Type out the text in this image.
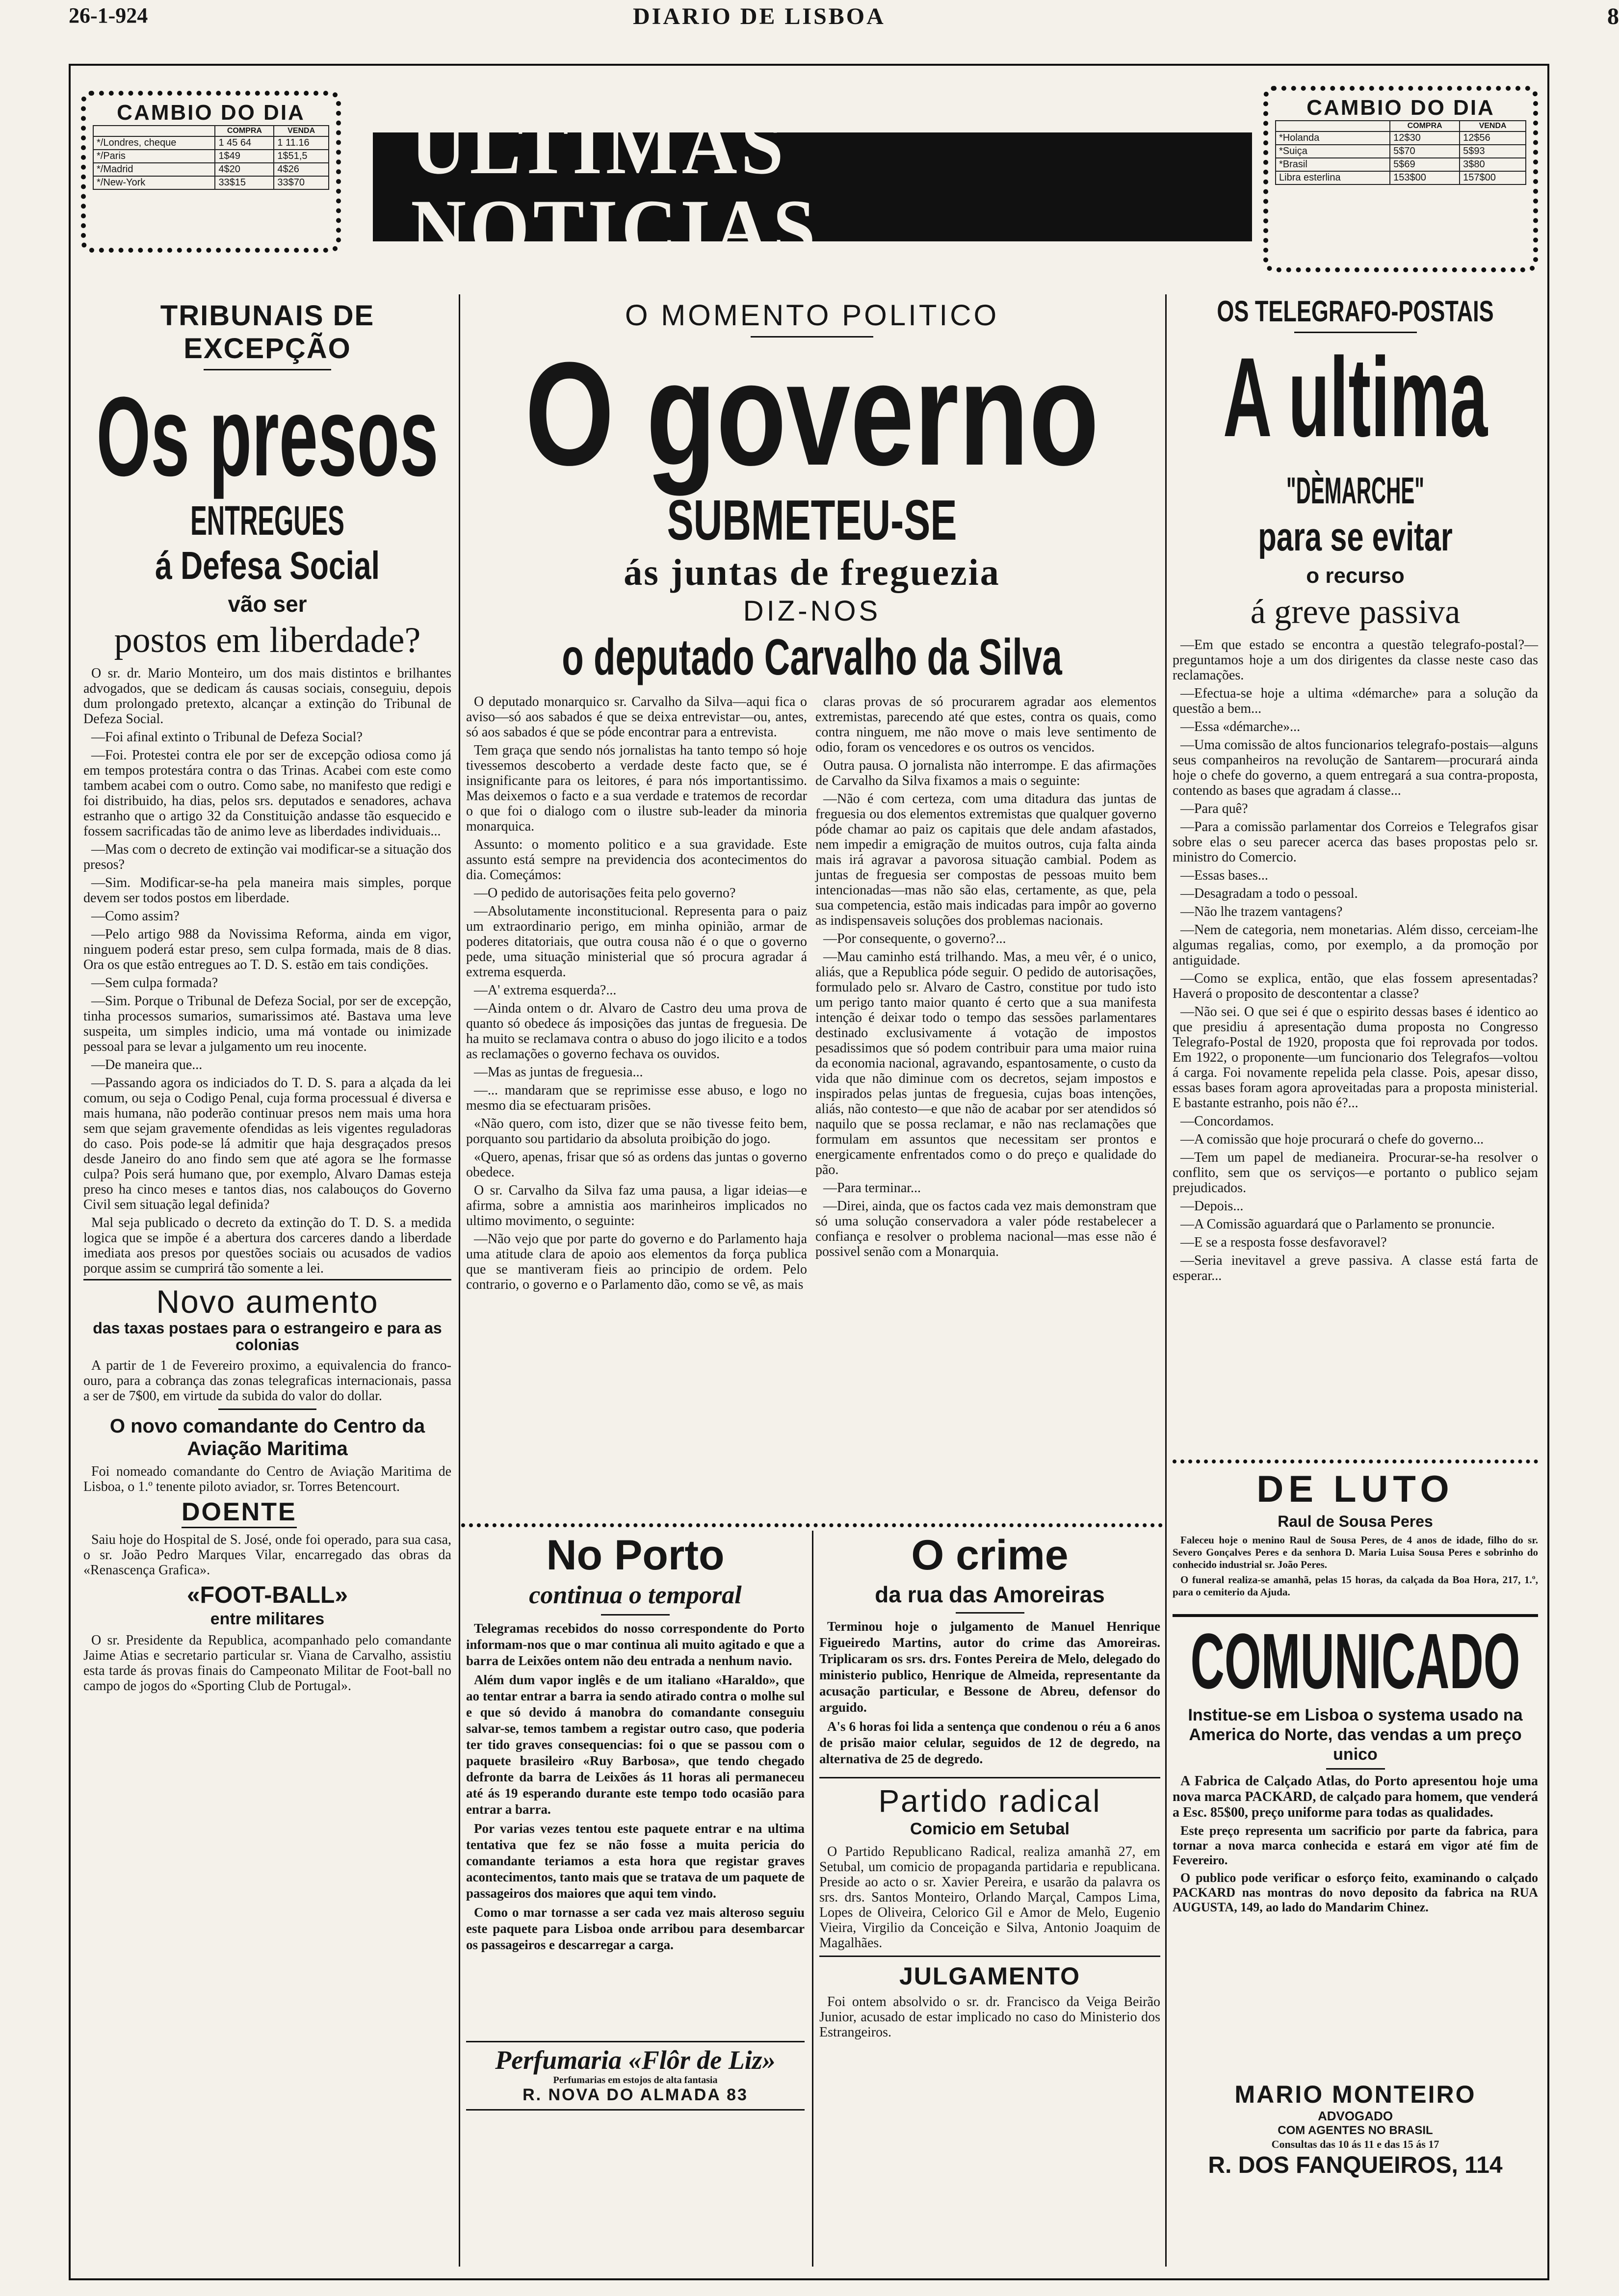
26-1-924	DIARIO DE LISBOA	8
CAMBIO DO DIA
	COMPRA	VENDA
*/Londres, cheque	1 45 64	1 11.16
*/Paris	1$49	1$51,5
*/Madrid	4$20	4$26
*/New-York	33$15	33$70 ULTIMAS NOTICIAS
CAMBIO DO DIA
	COMPRA	VENDA
*Holanda	12$30	12$56
*Suiça	5$70	5$93
*Brasil	5$69	3$80
Libra esterlina	153$00	157$00
TRIBUNAIS DE EXCEPÇÃO
Os presos
ENTREGUES
á Defesa Social
vão ser
postos em liberdade?

O sr. dr. Mario Monteiro, um dos mais distintos e brilhantes advogados, que se dedicam ás causas sociais, conseguiu, depois dum prolongado pretexto, alcançar a extinção do Tribunal de Defeza Social.

—Foi afinal extinto o Tribunal de Defeza Social?

—Foi. Protestei contra ele por ser de excepção odiosa como já em tempos protestára contra o das Trinas. Acabei com este como tambem acabei com o outro. Como sabe, no manifesto que redigi e foi distribuido, ha dias, pelos srs. deputados e senadores, achava estranho que o artigo 32 da Constituição andasse tão esquecido e fossem sacrificadas tão de animo leve as liberdades individuais...

—Mas com o decreto de extinção vai modificar-se a situação dos presos?

—Sim. Modificar-se-ha pela maneira mais simples, porque devem ser todos postos em liberdade.

—Como assim?

—Pelo artigo 988 da Novissima Reforma, ainda em vigor, ninguem poderá estar preso, sem culpa formada, mais de 8 dias. Ora os que estão entregues ao T. D. S. estão em tais condições.

—Sem culpa formada?

—Sim. Porque o Tribunal de Defeza Social, por ser de excepção, tinha processos sumarios, sumarissimos até. Bastava uma leve suspeita, um simples indicio, uma má vontade ou inimizade pessoal para se levar a julgamento um reu inocente.

—De maneira que...

—Passando agora os indiciados do T. D. S. para a alçada da lei comum, ou seja o Codigo Penal, cuja forma processual é diversa e mais humana, não poderão continuar presos nem mais uma hora sem que sejam gravemente ofendidas as leis vigentes reguladoras do caso. Pois pode-se lá admitir que haja desgraçados presos desde Janeiro do ano findo sem que até agora se lhe formasse culpa? Pois será humano que, por exemplo, Alvaro Damas esteja preso ha cinco meses e tantos dias, nos calabouços do Governo Civil sem situação legal definida?

Mal seja publicado o decreto da extinção do T. D. S. a medida logica que se impõe é a abertura dos carceres dando a liberdade imediata aos presos por questões sociais ou acusados de vadios porque assim se cumprirá tão somente a lei.

Novo aumento
das taxas postaes para o estrangeiro e para as colonias

A partir de 1 de Fevereiro proximo, a equivalencia do franco-ouro, para a cobrança das zonas telegraficas internacionais, passa a ser de 7$00, em virtude da subida do valor do dollar.

O novo comandante do Centro da Aviação Maritima

Foi nomeado comandante do Centro de Aviação Maritima de Lisboa, o 1.º tenente piloto aviador, sr. Torres Betencourt.

DOENTE

Saiu hoje do Hospital de S. José, onde foi operado, para sua casa, o sr. João Pedro Marques Vilar, encarregado das obras da «Renascença Grafica».

«FOOT-BALL»
entre militares

O sr. Presidente da Republica, acompanhado pelo comandante Jaime Atias e secretario particular sr. Viana de Carvalho, assistiu esta tarde ás provas finais do Campeonato Militar de Foot-ball no campo de jogos do «Sporting Club de Portugal».

O MOMENTO POLITICO
O governo
SUBMETEU-SE
ás juntas de freguezia
DIZ-NOS
o deputado Carvalho da Silva

O deputado monarquico sr. Carvalho da Silva—aqui fica o aviso—só aos sabados é que se deixa entrevistar—ou, antes, só aos sabados é que se póde encontrar para a entrevista.

Tem graça que sendo nós jornalistas ha tanto tempo só hoje tivessemos descoberto a verdade deste facto que, se é insignificante para os leitores, é para nós importantissimo. Mas deixemos o facto e a sua verdade e tratemos de recordar o que foi o dialogo com o ilustre sub-leader da minoria monarquica.

Assunto: o momento politico e a sua gravidade. Este assunto está sempre na previdencia dos acontecimentos do dia. Começámos:

—O pedido de autorisações feita pelo governo?

—Absolutamente inconstitucional. Representa para o paiz um extraordinario perigo, em minha opinião, armar de poderes ditatoriais, que outra cousa não é o que o governo pede, uma situação ministerial que só procura agradar á extrema esquerda.

—A' extrema esquerda?...

—Ainda ontem o dr. Alvaro de Castro deu uma prova de quanto só obedece ás imposições das juntas de freguesia. De ha muito se reclamava contra o abuso do jogo ilicito e a todos as reclamações o governo fechava os ouvidos.

—Mas as juntas de freguesia...

—... mandaram que se reprimisse esse abuso, e logo no mesmo dia se efectuaram prisões.

«Não quero, com isto, dizer que se não tivesse feito bem, porquanto sou partidario da absoluta proibição do jogo.

«Quero, apenas, frisar que só as ordens das juntas o governo obedece.

O sr. Carvalho da Silva faz uma pausa, a ligar ideias—e afirma, sobre a amnistia aos marinheiros implicados no ultimo movimento, o seguinte:

—Não vejo que por parte do governo e do Parlamento haja uma atitude clara de apoio aos elementos da força publica que se mantiveram fieis ao principio de ordem. Pelo contrario, o governo e o Parlamento dão, como se vê, as mais

claras provas de só procurarem agradar aos elementos extremistas, parecendo até que estes, contra os quais, como contra ninguem, me não move o mais leve sentimento de odio, foram os vencedores e os outros os vencidos.

Outra pausa. O jornalista não interrompe. E das afirmações de Carvalho da Silva fixamos a mais o seguinte:

—Não é com certeza, com uma ditadura das juntas de freguesia ou dos elementos extremistas que qualquer governo póde chamar ao paiz os capitais que dele andam afastados, nem impedir a emigração de muitos outros, cuja falta ainda mais irá agravar a pavorosa situação cambial. Podem as juntas de freguesia ser compostas de pessoas muito bem intencionadas—mas não são elas, certamente, as que, pela sua competencia, estão mais indicadas para impôr ao governo as indispensaveis soluções dos problemas nacionais.

—Por consequente, o governo?...

—Mau caminho está trilhando. Mas, a meu vêr, é o unico, aliás, que a Republica póde seguir. O pedido de autorisações, formulado pelo sr. Alvaro de Castro, constitue por tudo isto um perigo tanto maior quanto é certo que a sua manifesta intenção é deixar todo o tempo das sessões parlamentares destinado exclusivamente á votação de impostos pesadissimos que só podem contribuir para uma maior ruina da economia nacional, agravando, espantosamente, o custo da vida que não diminue com os decretos, sejam impostos e inspirados pelas juntas de freguesia, cujas boas intenções, aliás, não contesto—e que não de acabar por ser atendidos só naquilo que se possa reclamar, e não nas reclamações que formulam em assuntos que necessitam ser prontos e energicamente enfrentados como o do preço e qualidade do pão.

—Para terminar...

—Direi, ainda, que os factos cada vez mais demonstram que só uma solução conservadora a valer póde restabelecer a confiança e resolver o problema nacional—mas esse não é possivel senão com a Monarquia.

No Porto
continua o temporal

Telegramas recebidos do nosso correspondente do Porto informam-nos que o mar continua ali muito agitado e que a barra de Leixões ontem não deu entrada a nenhum navio.

Além dum vapor inglês e de um italiano «Haraldo», que ao tentar entrar a barra ia sendo atirado contra o molhe sul e que só devido á manobra do comandante conseguiu salvar-se, temos tambem a registar outro caso, que poderia ter tido graves consequencias: foi o que se passou com o paquete brasileiro «Ruy Barbosa», que tendo chegado defronte da barra de Leixões ás 11 horas ali permaneceu até ás 19 esperando durante este tempo todo ocasião para entrar a barra.

Por varias vezes tentou este paquete entrar e na ultima tentativa que fez se não fosse a muita pericia do comandante teriamos a esta hora que registar graves acontecimentos, tanto mais que se tratava de um paquete de passageiros dos maiores que aqui tem vindo.

Como o mar tornasse a ser cada vez mais alteroso seguiu este paquete para Lisboa onde arribou para desembarcar os passageiros e descarregar a carga.

Perfumaria «Flôr de Liz»
Perfumarias em estojos de alta fantasia
R. NOVA DO ALMADA 83
O crime
da rua das Amoreiras

Terminou hoje o julgamento de Manuel Henrique Figueiredo Martins, autor do crime das Amoreiras. Triplicaram os srs. drs. Fontes Pereira de Melo, delegado do ministerio publico, Henrique de Almeida, representante da acusação particular, e Bessone de Abreu, defensor do arguido.

A's 6 horas foi lida a sentença que condenou o réu a 6 anos de prisão maior celular, seguidos de 12 de degredo, na alternativa de 25 de degredo.

Partido radical
Comicio em Setubal

O Partido Republicano Radical, realiza amanhã 27, em Setubal, um comicio de propaganda partidaria e republicana. Preside ao acto o sr. Xavier Pereira, e usarão da palavra os srs. drs. Santos Monteiro, Orlando Marçal, Campos Lima, Lopes de Oliveira, Celorico Gil e Amor de Melo, Eugenio Vieira, Virgilio da Conceição e Silva, Antonio Joaquim de Magalhães.

JULGAMENTO

Foi ontem absolvido o sr. dr. Francisco da Veiga Beirão Junior, acusado de estar implicado no caso do Ministerio dos Estrangeiros.

OS TELEGRAFO-POSTAIS
A ultima
"DÈMARCHE"
para se evitar
o recurso
á greve passiva

—Em que estado se encontra a questão telegrafo-postal?—preguntamos hoje a um dos dirigentes da classe neste caso das reclamações.

—Efectua-se hoje a ultima «démarche» para a solução da questão a bem...

—Essa «démarche»...

—Uma comissão de altos funcionarios telegrafo-postais—alguns seus companheiros na revolução de Santarem—procurará ainda hoje o chefe do governo, a quem entregará a sua contra-proposta, contendo as bases que agradam á classe...

—Para quê?

—Para a comissão parlamentar dos Correios e Telegrafos gisar sobre elas o seu parecer acerca das bases propostas pelo sr. ministro do Comercio.

—Essas bases...

—Desagradam a todo o pessoal.

—Não lhe trazem vantagens?

—Nem de categoria, nem monetarias. Além disso, cerceiam-lhe algumas regalias, como, por exemplo, a da promoção por antiguidade.

—Como se explica, então, que elas fossem apresentadas? Haverá o proposito de descontentar a classe?

—Não sei. O que sei é que o espirito dessas bases é identico ao que presidiu á apresentação duma proposta no Congresso Telegrafo-Postal de 1920, proposta que foi reprovada por todos. Em 1922, o proponente—um funcionario dos Telegrafos—voltou á carga. Foi novamente repelida pela classe. Pois, apesar disso, essas bases foram agora aproveitadas para a proposta ministerial. E bastante estranho, pois não é?...

—Concordamos.

—A comissão que hoje procurará o chefe do governo...

—Tem um papel de medianeira. Procurar-se-ha resolver o conflito, sem que os serviços—e portanto o publico sejam prejudicados.

—Depois...

—A Comissão aguardará que o Parlamento se pronuncie.

—E se a resposta fosse desfavoravel?

—Seria inevitavel a greve passiva. A classe está farta de esperar...

DE LUTO
Raul de Sousa Peres

Faleceu hoje o menino Raul de Sousa Peres, de 4 anos de idade, filho do sr. Severo Gonçalves Peres e da senhora D. Maria Luisa Sousa Peres e sobrinho do conhecido industrial sr. João Peres.

O funeral realiza-se amanhã, pelas 15 horas, da calçada da Boa Hora, 217, 1.º, para o cemiterio da Ajuda.

COMUNICADO
Institue-se em Lisboa o systema usado na America do Norte, das vendas a um preço unico

A Fabrica de Calçado Atlas, do Porto apresentou hoje uma nova marca PACKARD, de calçado para homem, que venderá a Esc. 85$00, preço uniforme para todas as qualidades.

Este preço representa um sacrificio por parte da fabrica, para tornar a nova marca conhecida e estará em vigor até fim de Fevereiro.

O publico pode verificar o esforço feito, examinando o calçado PACKARD nas montras do novo deposito da fabrica na RUA AUGUSTA, 149, ao lado do Mandarim Chinez.

MARIO MONTEIRO
ADVOGADO
COM AGENTES NO BRASIL
Consultas das 10 ás 11 e das 15 ás 17
R. DOS FANQUEIROS, 114
